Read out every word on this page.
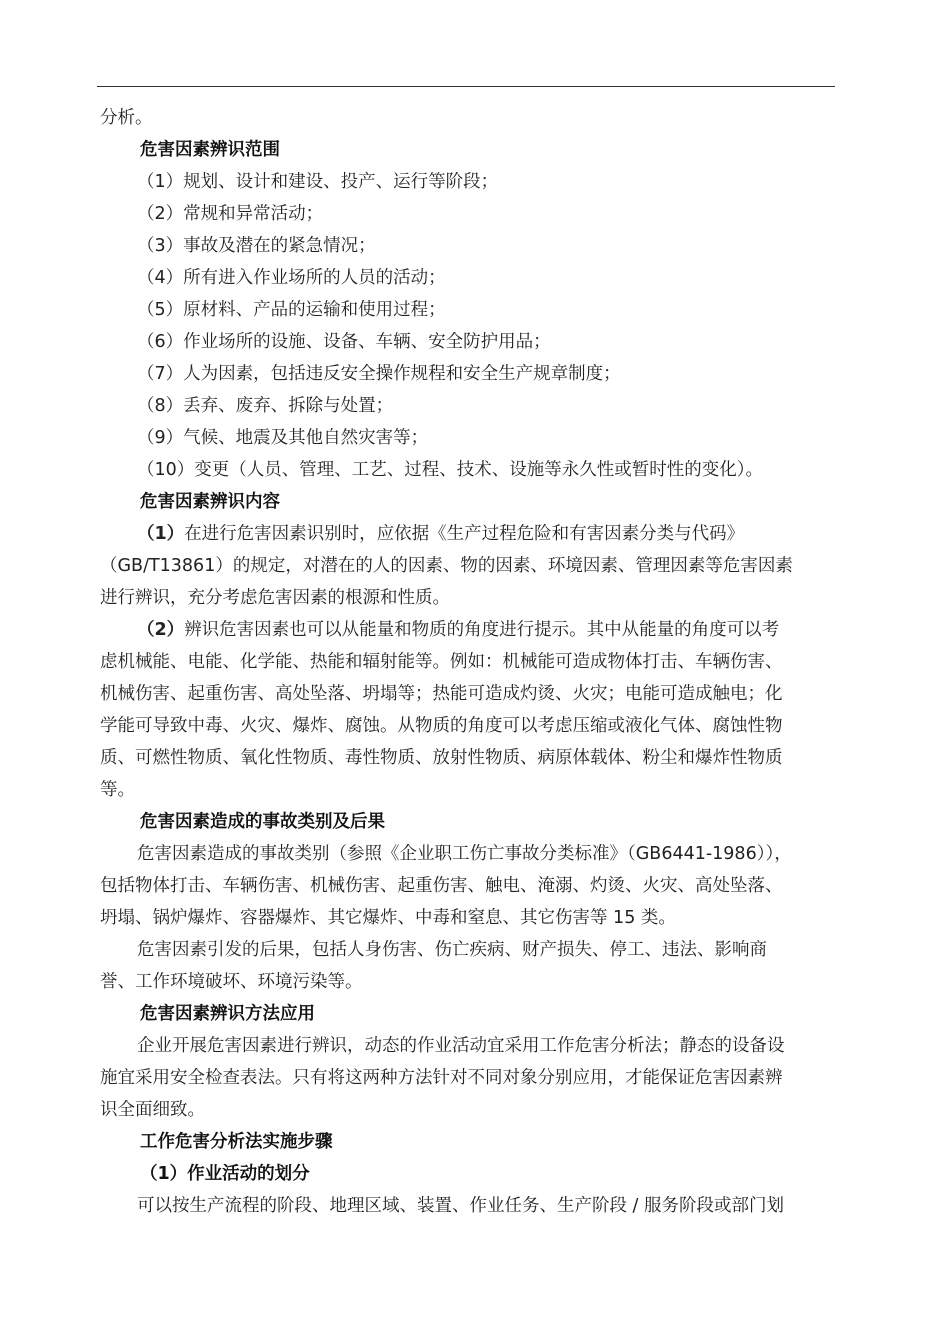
分析。
危害因素辨识范围
（1）规划、设计和建设、投产、运行等阶段；
（2）常规和异常活动；
（3）事故及潜在的紧急情况；
（4）所有进入作业场所的人员的活动；
（5）原材料、产品的运输和使用过程；
（6）作业场所的设施、设备、车辆、安全防护用品；
（7）人为因素，包括违反安全操作规程和安全生产规章制度；
（8）丢弃、废弃、拆除与处置；
（9）气候、地震及其他自然灾害等；
（10）变更（人员、管理、工艺、过程、技术、设施等永久性或暂时性的变化）。
危害因素辨识内容
（1）在进行危害因素识别时，应依据《生产过程危险和有害因素分类与代码》
（GB/T13861）的规定，对潜在的人的因素、物的因素、环境因素、管理因素等危害因素
进行辨识，充分考虑危害因素的根源和性质。
（2）辨识危害因素也可以从能量和物质的角度进行提示。其中从能量的角度可以考
虑机械能、电能、化学能、热能和辐射能等。例如：机械能可造成物体打击、车辆伤害、
机械伤害、起重伤害、高处坠落、坍塌等；热能可造成灼烫、火灾；电能可造成触电；化
学能可导致中毒、火灾、爆炸、腐蚀。从物质的角度可以考虑压缩或液化气体、腐蚀性物
质、可燃性物质、氧化性物质、毒性物质、放射性物质、病原体载体、粉尘和爆炸性物质
等。
危害因素造成的事故类别及后果
危害因素造成的事故类别（参照《企业职工伤亡事故分类标准》（GB6441-1986）），
包括物体打击、车辆伤害、机械伤害、起重伤害、触电、淹溺、灼烫、火灾、高处坠落、
坍塌、锅炉爆炸、容器爆炸、其它爆炸、中毒和窒息、其它伤害等 15 类。
危害因素引发的后果，包括人身伤害、伤亡疾病、财产损失、停工、违法、影响商
誉、工作环境破坏、环境污染等。
危害因素辨识方法应用
企业开展危害因素进行辨识，动态的作业活动宜采用工作危害分析法；静态的设备设
施宜采用安全检查表法。只有将这两种方法针对不同对象分别应用，才能保证危害因素辨
识全面细致。
工作危害分析法实施步骤
（1）作业活动的划分
可以按生产流程的阶段、地理区域、装置、作业任务、生产阶段 / 服务阶段或部门划
